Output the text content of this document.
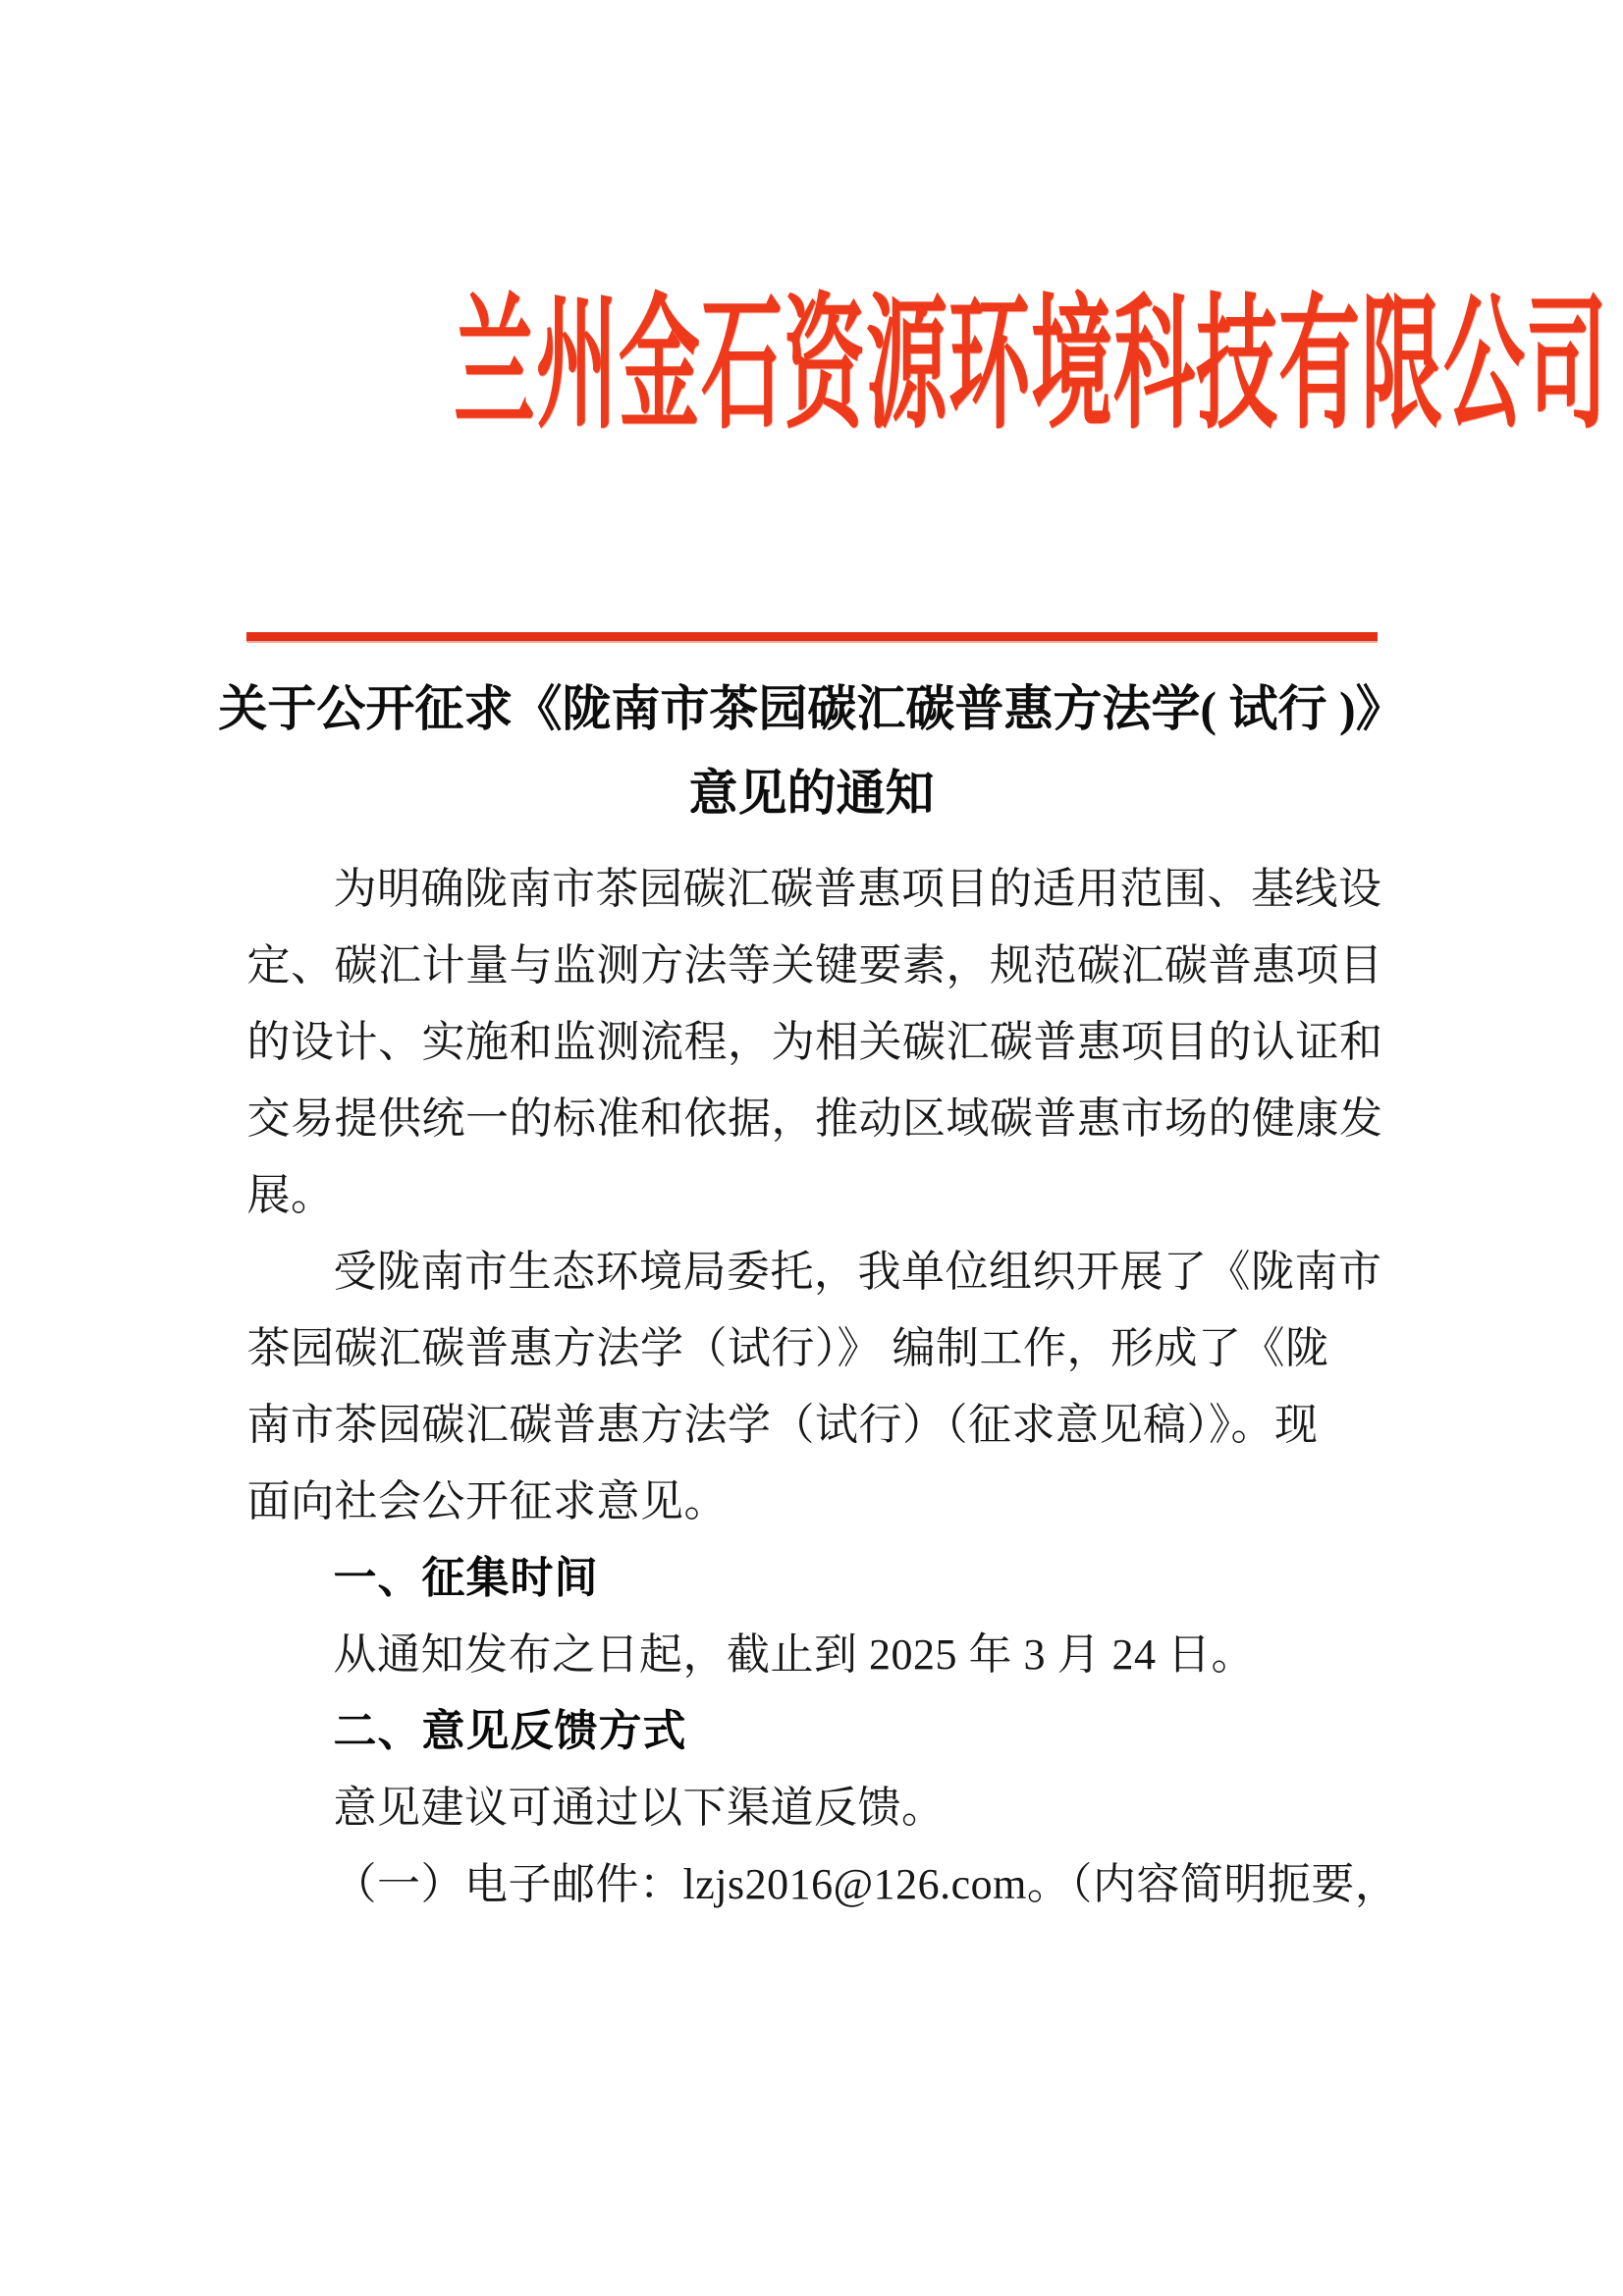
兰州金石资源环境科技有限公司
关于公开征求《陇南市茶园碳汇碳普惠方法学( 试行 )》
意见的通知
为明确陇南市茶园碳汇碳普惠项目的适用范围、基线设
定、碳汇计量与监测方法等关键要素，规范碳汇碳普惠项目
的设计、实施和监测流程，为相关碳汇碳普惠项目的认证和
交易提供统一的标准和依据，推动区域碳普惠市场的健康发
展。
受陇南市生态环境局委托，我单位组织开展了《陇南市
茶园碳汇碳普惠方法学（试行）》 编制工作，形成了《陇
南市茶园碳汇碳普惠方法学（试行）（征求意见稿）》。现
面向社会公开征求意见。
一、征集时间
从通知发布之日起，截止到 2025 年 3 月 24 日。
二、意见反馈方式
意见建议可通过以下渠道反馈。
（一）电子邮件：lzjs2016@126.com。（内容简明扼要，
